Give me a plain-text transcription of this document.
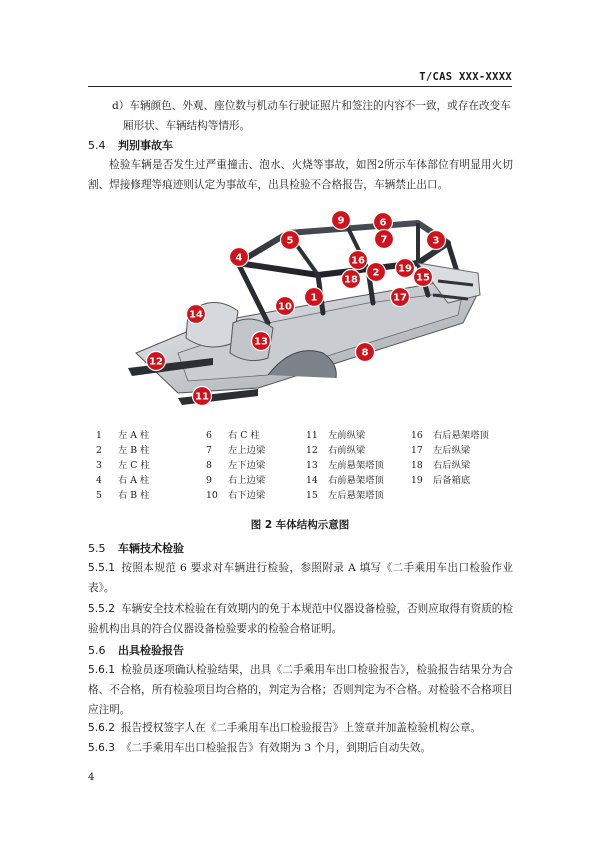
T/CAS XXX-XXXX
d）车辆颜色、外观、座位数与机动车行驶证照片和签注的内容不一致，或存在改变车
厢形状、车辆结构等情形。
5.4 判别事故车
检验车辆是否发生过严重撞击、泡水、火烧等事故，如图2所示车体部位有明显用火切割、焊接修理等痕迹则认定为事故车，出具检验不合格报告，车辆禁止出口。
1
2
3
4
5
6
7
8
9
10
11
12
13
14
15
16
17
18
19
1 左 A 柱	6 右 C 柱	11 左前纵梁	16 右后悬架塔顶
2 左 B 柱	7 左上边梁	12 右前纵梁	17 左后纵梁
3 左 C 柱	8 左下边梁	13 左前悬架塔顶	18 右后纵梁
4 右 A 柱	9 右上边梁	14 右前悬架塔顶	19 后备箱底
5 右 B 柱	10 右下边梁	15 左后悬架塔顶
图 2 车体结构示意图
5.5 车辆技术检验
5.5.1 按照本规范 6 要求对车辆进行检验，参照附录 A 填写《二手乘用车出口检验作业表》。
5.5.2 车辆安全技术检验在有效期内的免于本规范中仪器设备检验，否则应取得有资质的检验机构出具的符合仪器设备检验要求的检验合格证明。
5.6 出具检验报告
5.6.1 检验员逐项确认检验结果，出具《二手乘用车出口检验报告》，检验报告结果分为合格、不合格，所有检验项目均合格的，判定为合格；否则判定为不合格。对检验不合格项目应注明。
5.6.2 报告授权签字人在《二手乘用车出口检验报告》上签章并加盖检验机构公章。
5.6.3 《二手乘用车出口检验报告》有效期为 3 个月，到期后自动失效。
4
